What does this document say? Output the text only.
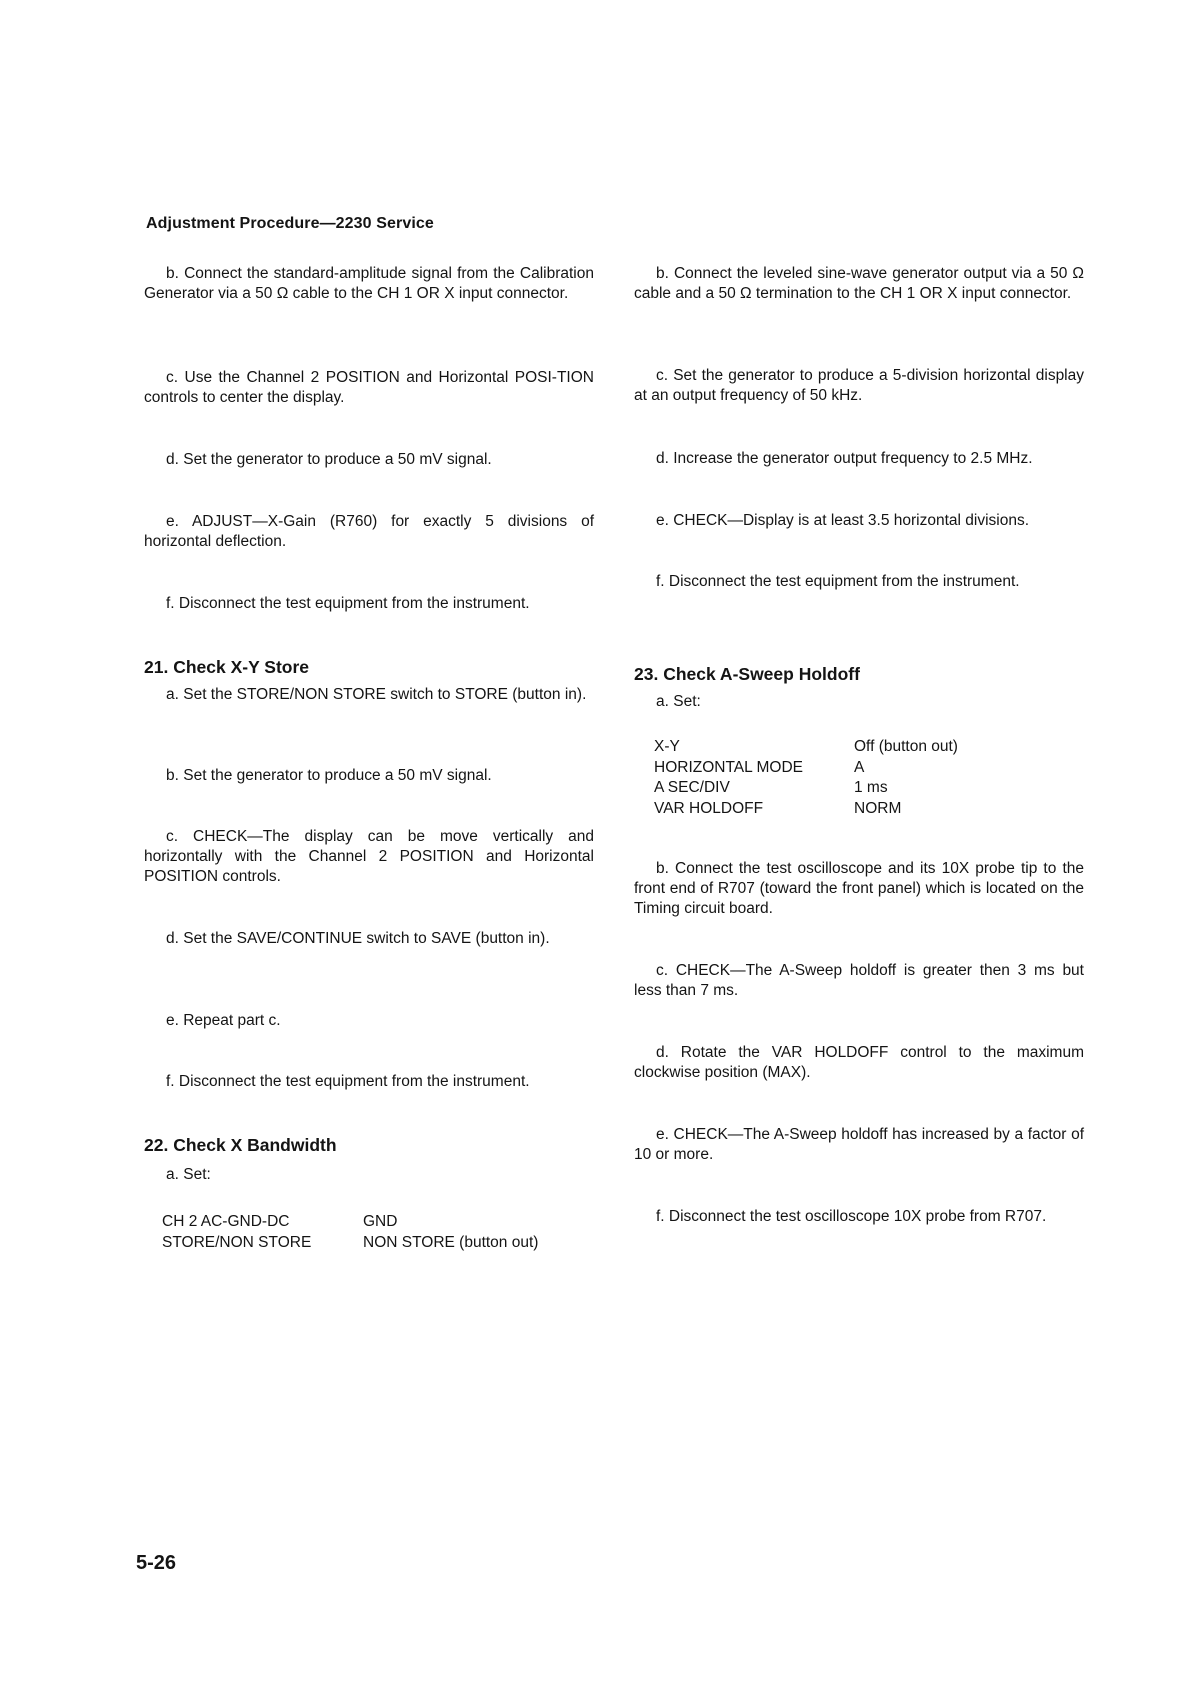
Adjustment Procedure—2230 Service
b. Connect the standard-amplitude signal from the Calibration Generator via a 50 Ω cable to the CH 1 OR X input connector.
c. Use the Channel 2 POSITION and Horizontal POSI-TION controls to center the display.
d. Set the generator to produce a 50 mV signal.
e. ADJUST—X-Gain (R760) for exactly 5 divisions of horizontal deflection.
f. Disconnect the test equipment from the instrument.
21. Check X-Y Store
a. Set the STORE/NON STORE switch to STORE (button in).
b. Set the generator to produce a 50 mV signal.
c. CHECK—The display can be move vertically and horizontally with the Channel 2 POSITION and Horizontal POSITION controls.
d. Set the SAVE/CONTINUE switch to SAVE (button in).
e. Repeat part c.
f. Disconnect the test equipment from the instrument.
22. Check X Bandwidth
a. Set:
CH 2 AC-GND-DC	GND
STORE/NON STORE	NON STORE (button out)
b. Connect the leveled sine-wave generator output via a 50 Ω cable and a 50 Ω termination to the CH 1 OR X input connector.
c. Set the generator to produce a 5-division horizontal display at an output frequency of 50 kHz.
d. Increase the generator output frequency to 2.5 MHz.
e. CHECK—Display is at least 3.5 horizontal divisions.
f. Disconnect the test equipment from the instrument.
23. Check A-Sweep Holdoff
a. Set:
X-Y	Off (button out)
HORIZONTAL MODE	A
A SEC/DIV	1 ms
VAR HOLDOFF	NORM
b. Connect the test oscilloscope and its 10X probe tip to the front end of R707 (toward the front panel) which is located on the Timing circuit board.
c. CHECK—The A-Sweep holdoff is greater then 3 ms but less than 7 ms.
d. Rotate the VAR HOLDOFF control to the maximum clockwise position (MAX).
e. CHECK—The A-Sweep holdoff has increased by a factor of 10 or more.
f. Disconnect the test oscilloscope 10X probe from R707.
5-26
